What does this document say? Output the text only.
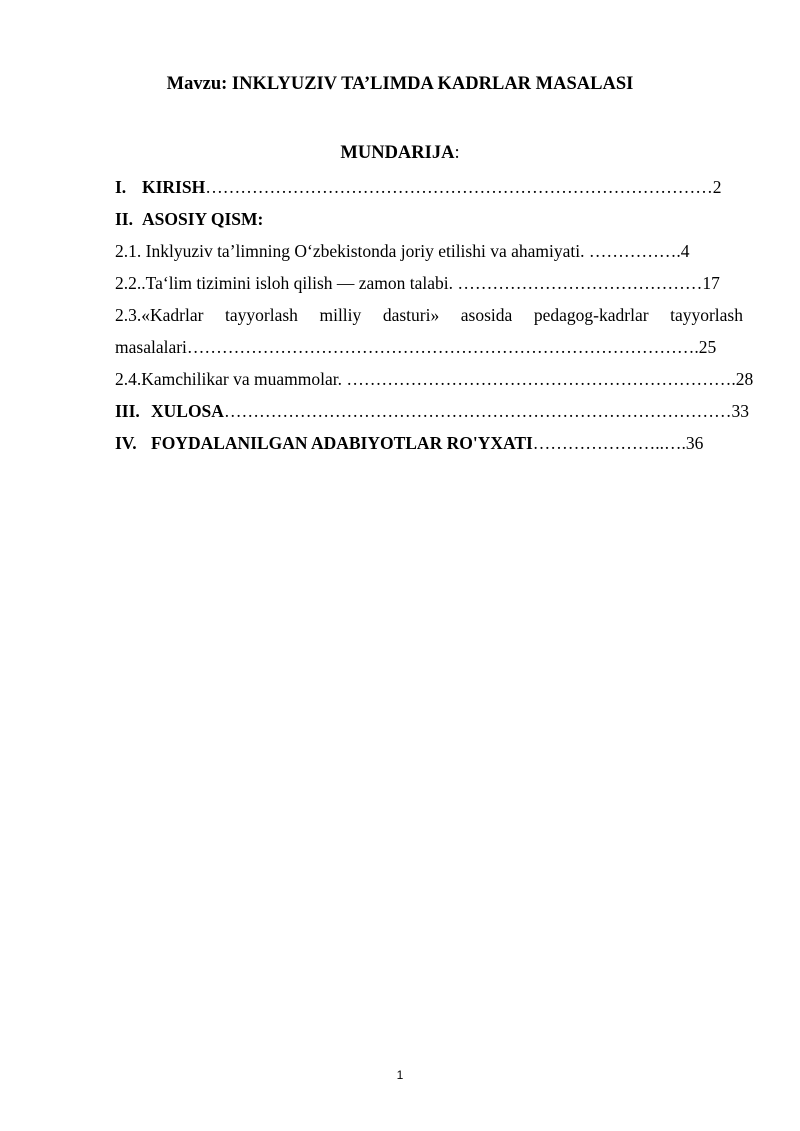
Mavzu: INKLYUZIV TA’LIMDA KADRLAR MASALASI
MUNDARIJA:
I. KIRISH……………………………………………………………………………2
II. ASOSIY QISM:
2.1. Inklyuziv ta’limning O‘zbekistonda joriy etilishi va ahamiyati. …………….4
2.2..Ta‘lim tizimini isloh qilish — zamon talabi. ……………………………………17
2.3.«Kadrlar tayyorlash milliy dasturi» asosida pedagog-kadrlar tayyorlash
masalalari…………………………………………………………………………….25
2.4.Kamchilikar va muammolar. ………………………………………………………….28
III. XULOSA……………………………………………………………………………33
IV. FOYDALANILGAN ADABIYOTLAR RO'YXATI…………………..….36
1
